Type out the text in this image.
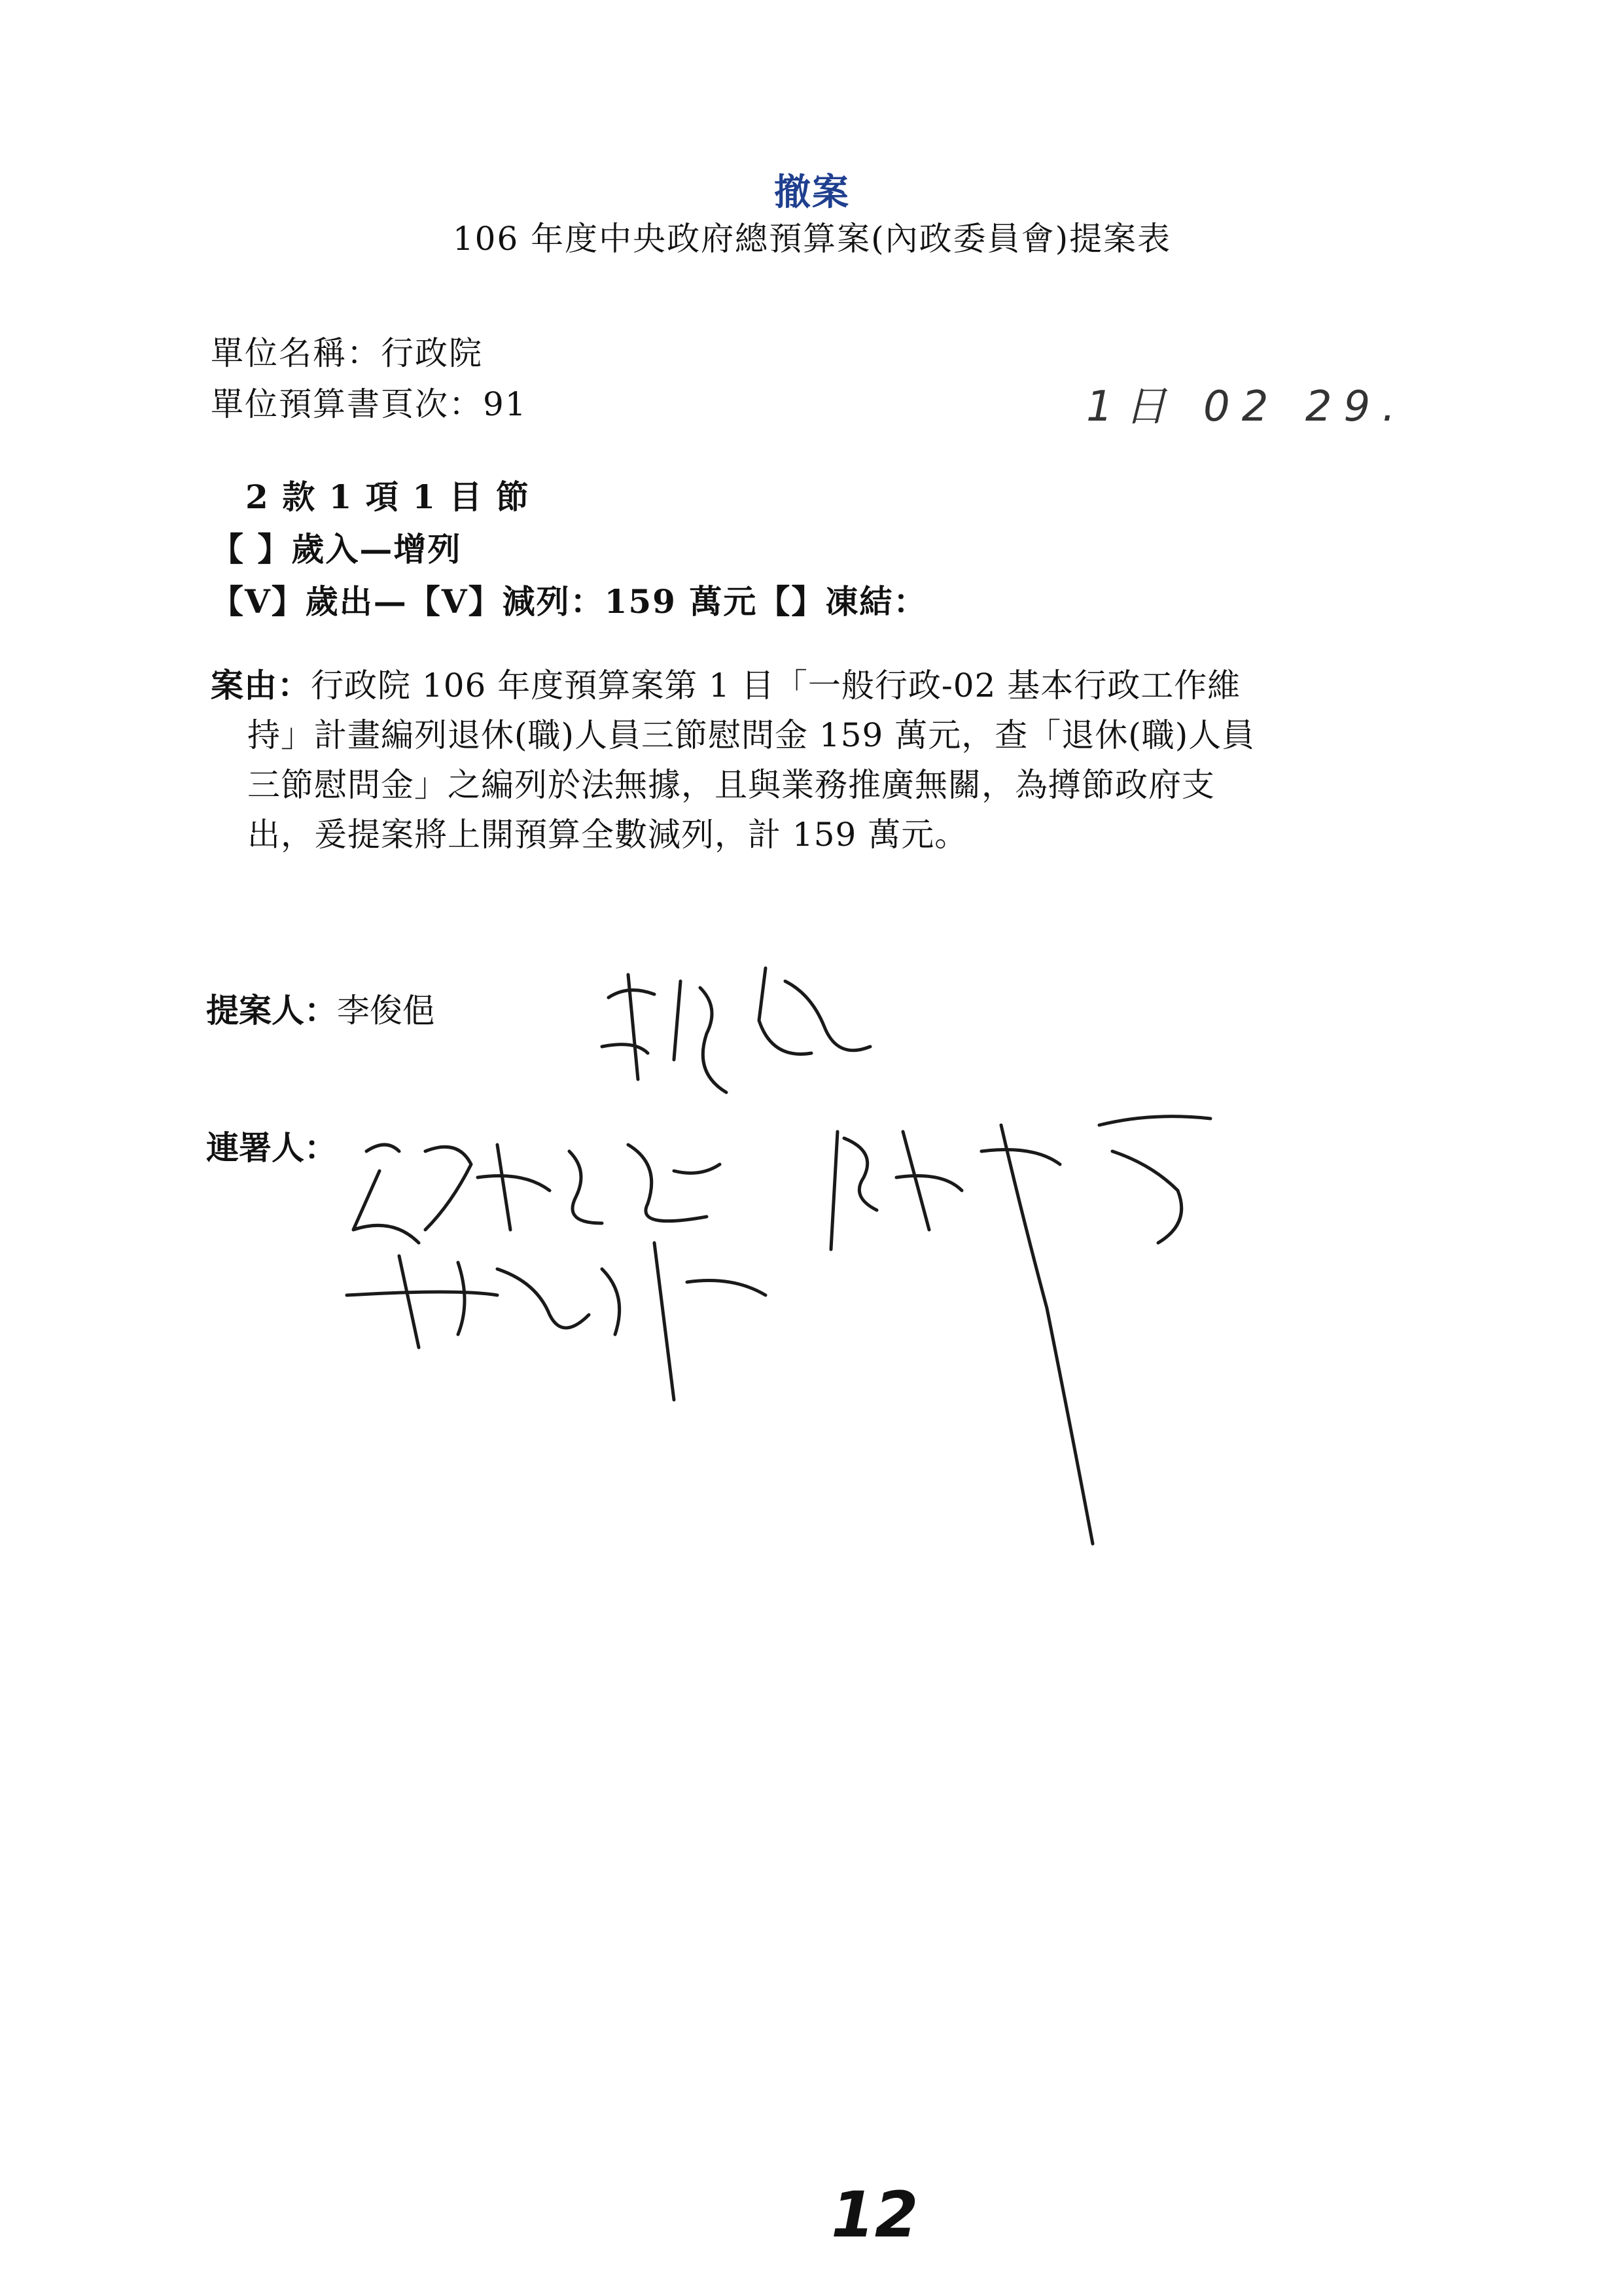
撤案
106 年度中央政府總預算案(內政委員會)提案表
單位名稱：行政院
單位預算書頁次：91	1日 02 29.
2 款 1 項 1 目 節
【 】歲入—增列
【V】歲出—【V】減列：159 萬元【】凍結：
案由：行政院 106 年度預算案第 1 目「一般行政-02 基本行政工作維
持」計畫編列退休(職)人員三節慰問金 159 萬元，查「退休(職)人員
三節慰問金」之編列於法無據，且與業務推廣無關，為撙節政府支
出，爰提案將上開預算全數減列，計 159 萬元。
提案人：李俊俋
連署人：
12
